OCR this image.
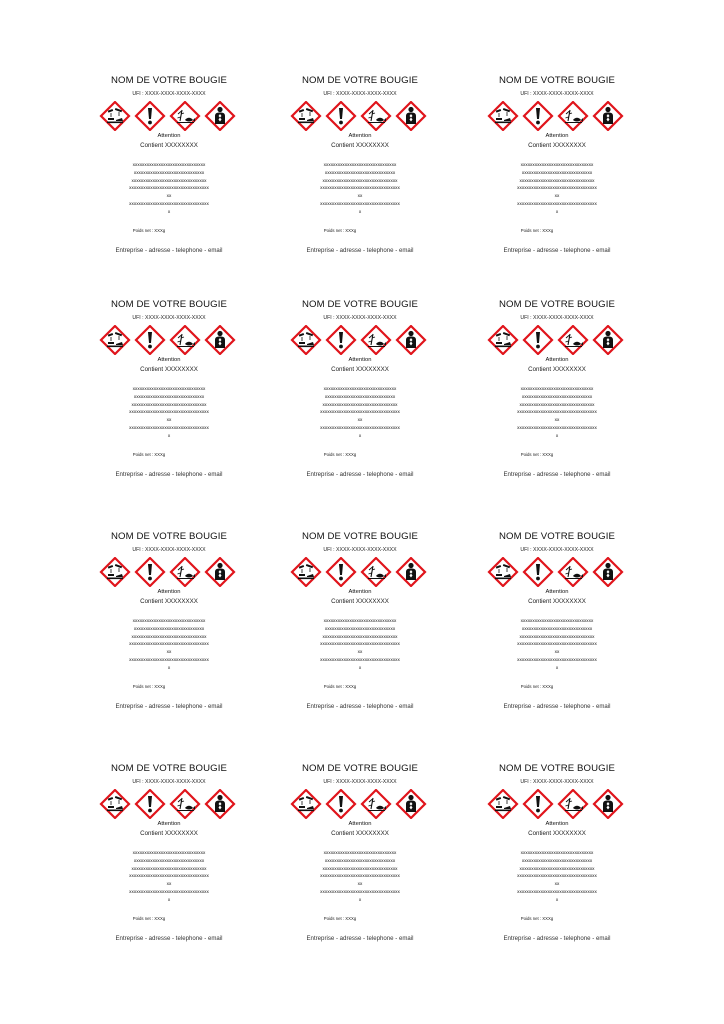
NOM DE VOTRE BOUGIE
UFI : XXXX-XXXX-XXXX-XXXX
Attention
Contient XXXXXXXX
xxxxxxxxxxxxxxxxxxxxxxxxxxxxxxx
xxxxxxxxxxxxxxxxxxxxxxxxxxxxxx
xxxxxxxxxxxxxxxxxxxxxxxxxxxxxxxx
xxxxxxxxxxxxxxxxxxxxxxxxxxxxxxxxxx
xx
xxxxxxxxxxxxxxxxxxxxxxxxxxxxxxxxxx
x
Poids net : XXXg
Entreprise - adresse - telephone - email
NOM DE VOTRE BOUGIE
UFI : XXXX-XXXX-XXXX-XXXX
Attention
Contient XXXXXXXX
xxxxxxxxxxxxxxxxxxxxxxxxxxxxxxx
xxxxxxxxxxxxxxxxxxxxxxxxxxxxxx
xxxxxxxxxxxxxxxxxxxxxxxxxxxxxxxx
xxxxxxxxxxxxxxxxxxxxxxxxxxxxxxxxxx
xx
xxxxxxxxxxxxxxxxxxxxxxxxxxxxxxxxxx
x
Poids net : XXXg
Entreprise - adresse - telephone - email
NOM DE VOTRE BOUGIE
UFI : XXXX-XXXX-XXXX-XXXX
Attention
Contient XXXXXXXX
xxxxxxxxxxxxxxxxxxxxxxxxxxxxxxx
xxxxxxxxxxxxxxxxxxxxxxxxxxxxxx
xxxxxxxxxxxxxxxxxxxxxxxxxxxxxxxx
xxxxxxxxxxxxxxxxxxxxxxxxxxxxxxxxxx
xx
xxxxxxxxxxxxxxxxxxxxxxxxxxxxxxxxxx
x
Poids net : XXXg
Entreprise - adresse - telephone - email
NOM DE VOTRE BOUGIE
UFI : XXXX-XXXX-XXXX-XXXX
Attention
Contient XXXXXXXX
xxxxxxxxxxxxxxxxxxxxxxxxxxxxxxx
xxxxxxxxxxxxxxxxxxxxxxxxxxxxxx
xxxxxxxxxxxxxxxxxxxxxxxxxxxxxxxx
xxxxxxxxxxxxxxxxxxxxxxxxxxxxxxxxxx
xx
xxxxxxxxxxxxxxxxxxxxxxxxxxxxxxxxxx
x
Poids net : XXXg
Entreprise - adresse - telephone - email
NOM DE VOTRE BOUGIE
UFI : XXXX-XXXX-XXXX-XXXX
Attention
Contient XXXXXXXX
xxxxxxxxxxxxxxxxxxxxxxxxxxxxxxx
xxxxxxxxxxxxxxxxxxxxxxxxxxxxxx
xxxxxxxxxxxxxxxxxxxxxxxxxxxxxxxx
xxxxxxxxxxxxxxxxxxxxxxxxxxxxxxxxxx
xx
xxxxxxxxxxxxxxxxxxxxxxxxxxxxxxxxxx
x
Poids net : XXXg
Entreprise - adresse - telephone - email
NOM DE VOTRE BOUGIE
UFI : XXXX-XXXX-XXXX-XXXX
Attention
Contient XXXXXXXX
xxxxxxxxxxxxxxxxxxxxxxxxxxxxxxx
xxxxxxxxxxxxxxxxxxxxxxxxxxxxxx
xxxxxxxxxxxxxxxxxxxxxxxxxxxxxxxx
xxxxxxxxxxxxxxxxxxxxxxxxxxxxxxxxxx
xx
xxxxxxxxxxxxxxxxxxxxxxxxxxxxxxxxxx
x
Poids net : XXXg
Entreprise - adresse - telephone - email
NOM DE VOTRE BOUGIE
UFI : XXXX-XXXX-XXXX-XXXX
Attention
Contient XXXXXXXX
xxxxxxxxxxxxxxxxxxxxxxxxxxxxxxx
xxxxxxxxxxxxxxxxxxxxxxxxxxxxxx
xxxxxxxxxxxxxxxxxxxxxxxxxxxxxxxx
xxxxxxxxxxxxxxxxxxxxxxxxxxxxxxxxxx
xx
xxxxxxxxxxxxxxxxxxxxxxxxxxxxxxxxxx
x
Poids net : XXXg
Entreprise - adresse - telephone - email
NOM DE VOTRE BOUGIE
UFI : XXXX-XXXX-XXXX-XXXX
Attention
Contient XXXXXXXX
xxxxxxxxxxxxxxxxxxxxxxxxxxxxxxx
xxxxxxxxxxxxxxxxxxxxxxxxxxxxxx
xxxxxxxxxxxxxxxxxxxxxxxxxxxxxxxx
xxxxxxxxxxxxxxxxxxxxxxxxxxxxxxxxxx
xx
xxxxxxxxxxxxxxxxxxxxxxxxxxxxxxxxxx
x
Poids net : XXXg
Entreprise - adresse - telephone - email
NOM DE VOTRE BOUGIE
UFI : XXXX-XXXX-XXXX-XXXX
Attention
Contient XXXXXXXX
xxxxxxxxxxxxxxxxxxxxxxxxxxxxxxx
xxxxxxxxxxxxxxxxxxxxxxxxxxxxxx
xxxxxxxxxxxxxxxxxxxxxxxxxxxxxxxx
xxxxxxxxxxxxxxxxxxxxxxxxxxxxxxxxxx
xx
xxxxxxxxxxxxxxxxxxxxxxxxxxxxxxxxxx
x
Poids net : XXXg
Entreprise - adresse - telephone - email
NOM DE VOTRE BOUGIE
UFI : XXXX-XXXX-XXXX-XXXX
Attention
Contient XXXXXXXX
xxxxxxxxxxxxxxxxxxxxxxxxxxxxxxx
xxxxxxxxxxxxxxxxxxxxxxxxxxxxxx
xxxxxxxxxxxxxxxxxxxxxxxxxxxxxxxx
xxxxxxxxxxxxxxxxxxxxxxxxxxxxxxxxxx
xx
xxxxxxxxxxxxxxxxxxxxxxxxxxxxxxxxxx
x
Poids net : XXXg
Entreprise - adresse - telephone - email
NOM DE VOTRE BOUGIE
UFI : XXXX-XXXX-XXXX-XXXX
Attention
Contient XXXXXXXX
xxxxxxxxxxxxxxxxxxxxxxxxxxxxxxx
xxxxxxxxxxxxxxxxxxxxxxxxxxxxxx
xxxxxxxxxxxxxxxxxxxxxxxxxxxxxxxx
xxxxxxxxxxxxxxxxxxxxxxxxxxxxxxxxxx
xx
xxxxxxxxxxxxxxxxxxxxxxxxxxxxxxxxxx
x
Poids net : XXXg
Entreprise - adresse - telephone - email
NOM DE VOTRE BOUGIE
UFI : XXXX-XXXX-XXXX-XXXX
Attention
Contient XXXXXXXX
xxxxxxxxxxxxxxxxxxxxxxxxxxxxxxx
xxxxxxxxxxxxxxxxxxxxxxxxxxxxxx
xxxxxxxxxxxxxxxxxxxxxxxxxxxxxxxx
xxxxxxxxxxxxxxxxxxxxxxxxxxxxxxxxxx
xx
xxxxxxxxxxxxxxxxxxxxxxxxxxxxxxxxxx
x
Poids net : XXXg
Entreprise - adresse - telephone - email
